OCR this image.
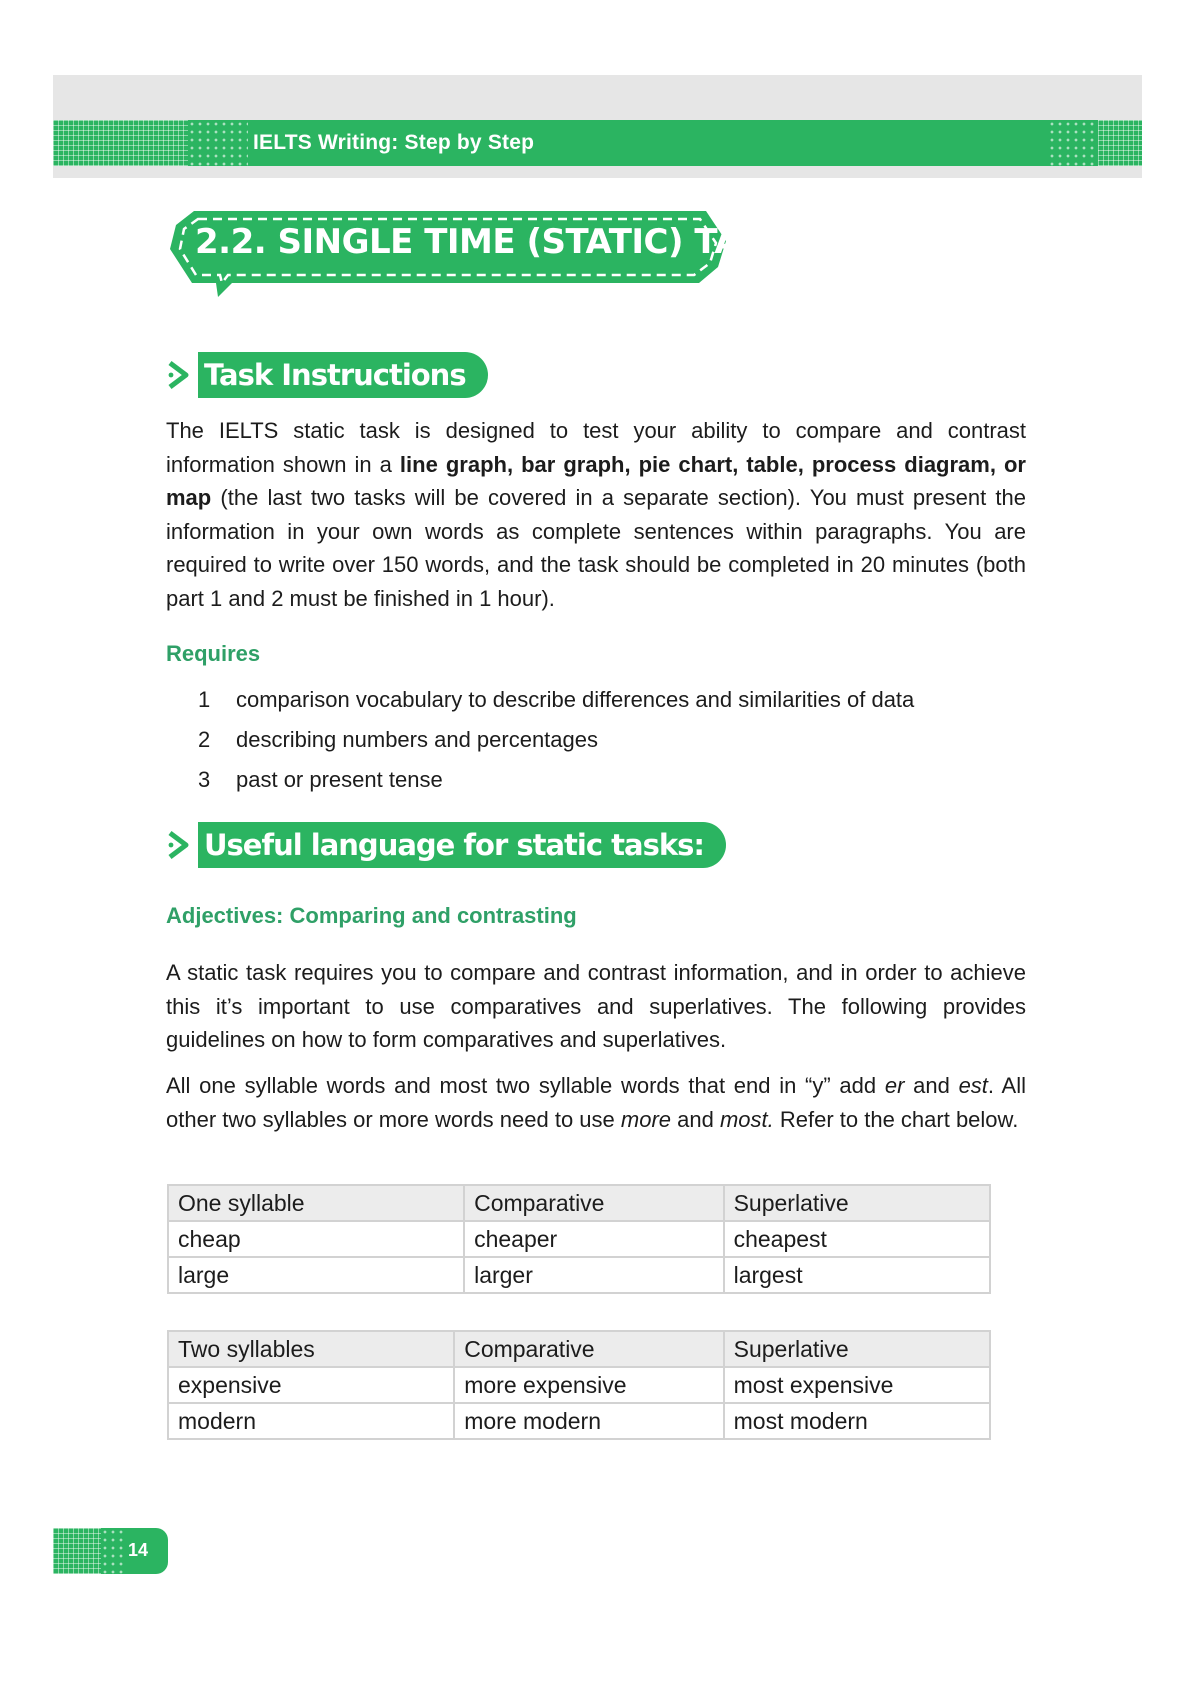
IELTS Writing: Step by Step
2.2. SINGLE TIME (STATIC) TASK
Task Instructions

The IELTS static task is designed to test your ability to compare and contrast information shown in a line graph, bar graph, pie chart, table, process diagram, or map (the last two tasks will be covered in a separate section). You must present the information in your own words as complete sentences within paragraphs. You are required to write over 150 words, and the task should be completed in 20 minutes (both part 1 and 2 must be finished in 1 hour).

Requires
1 comparison vocabulary to describe differences and similarities of data
2 describing numbers and percentages
3 past or present tense
Useful language for static tasks:
Adjectives: Comparing and contrasting

A static task requires you to compare and contrast information, and in order to achieve this it’s important to use comparatives and superlatives. The following provides guidelines on how to form comparatives and superlatives.

All one syllable words and most two syllable words that end in “y” add er and est. All other two syllables or more words need to use more and most. Refer to the chart below.

One syllable	Comparative	Superlative
cheap	cheaper	cheapest
large	larger	largest
Two syllables	Comparative	Superlative
expensive	more expensive	most expensive
modern	more modern	most modern
14
